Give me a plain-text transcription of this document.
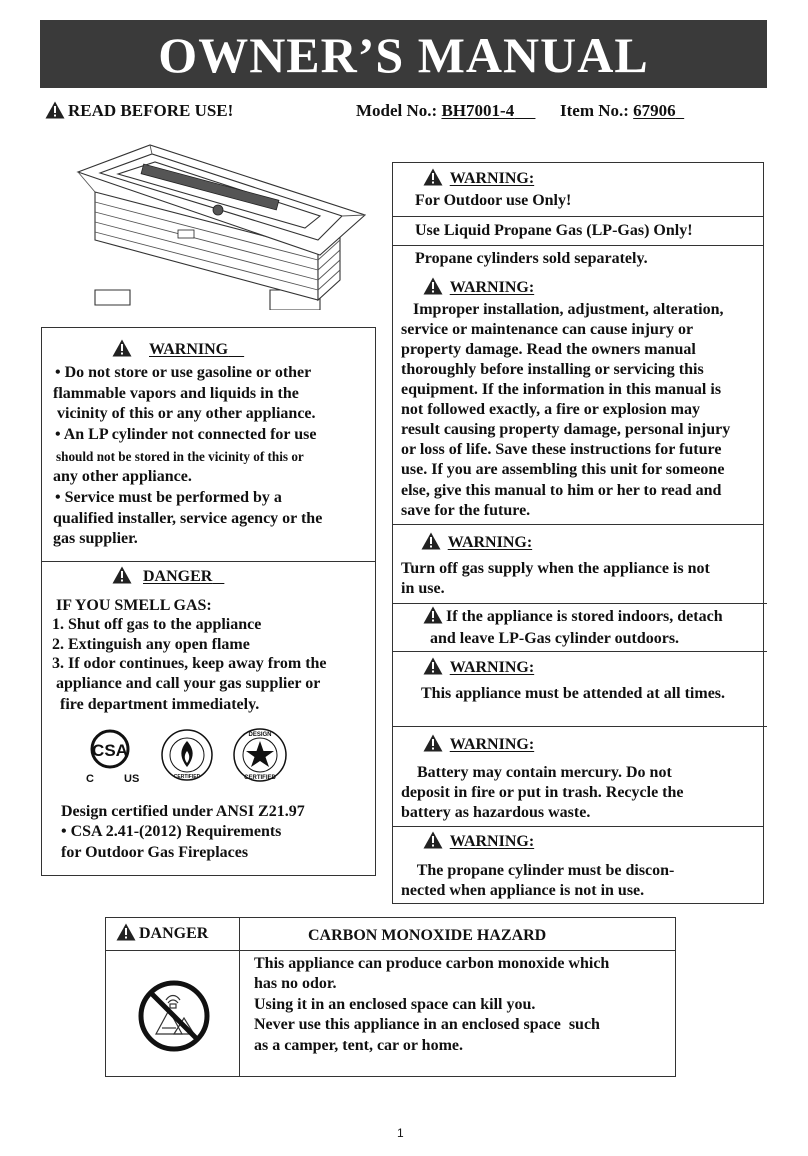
OWNER’S MANUAL
READ BEFORE USE!	Model No.: BH7001-4	Item No.: 67906
WARNING
• Do not store or use gasoline or other
flammable vapors and liquids in the
vicinity of this or any other appliance.
• An LP cylinder not connected for use
should not be stored in the vicinity of this or
any other appliance.
• Service must be performed by a
qualified installer, service agency or the
gas supplier.
DANGER
IF YOU SMELL GAS:
1. Shut off gas to the appliance
2. Extinguish any open flame
3. If odor continues, keep away from the
appliance and call your gas supplier or
fire department immediately.
CSA
C	US	CERTIFIED
DESIGN
CERTIFIED
Design certified under ANSI Z21.97
• CSA 2.41-(2012) Requirements
for Outdoor Gas Fireplaces
WARNING:
For Outdoor use Only!
Use Liquid Propane Gas (LP-Gas) Only!
Propane cylinders sold separately.
WARNING:
Improper installation, adjustment, alteration,
service or maintenance can cause injury or
property damage. Read the owners manual
thoroughly before installing or servicing this
equipment. If the information in this manual is
not followed exactly, a fire or explosion may
result causing property damage, personal injury
or loss of life. Save these instructions for future
use. If you are assembling this unit for someone
else, give this manual to him or her to read and
save for the future.
WARNING:
Turn off gas supply when the appliance is not
in use.
If the appliance is stored indoors, detach
and leave LP-Gas cylinder outdoors.
WARNING:
This appliance must be attended at all times.
WARNING:
Battery may contain mercury. Do not
deposit in fire or put in trash. Recycle the
battery as hazardous waste.
WARNING:
The propane cylinder must be discon-
nected when appliance is not in use.
DANGER	CARBON MONOXIDE HAZARD
This appliance can produce carbon monoxide which
has no odor.
Using it in an enclosed space can kill you.
Never use this appliance in an enclosed space  such
as a camper, tent, car or home.
1
